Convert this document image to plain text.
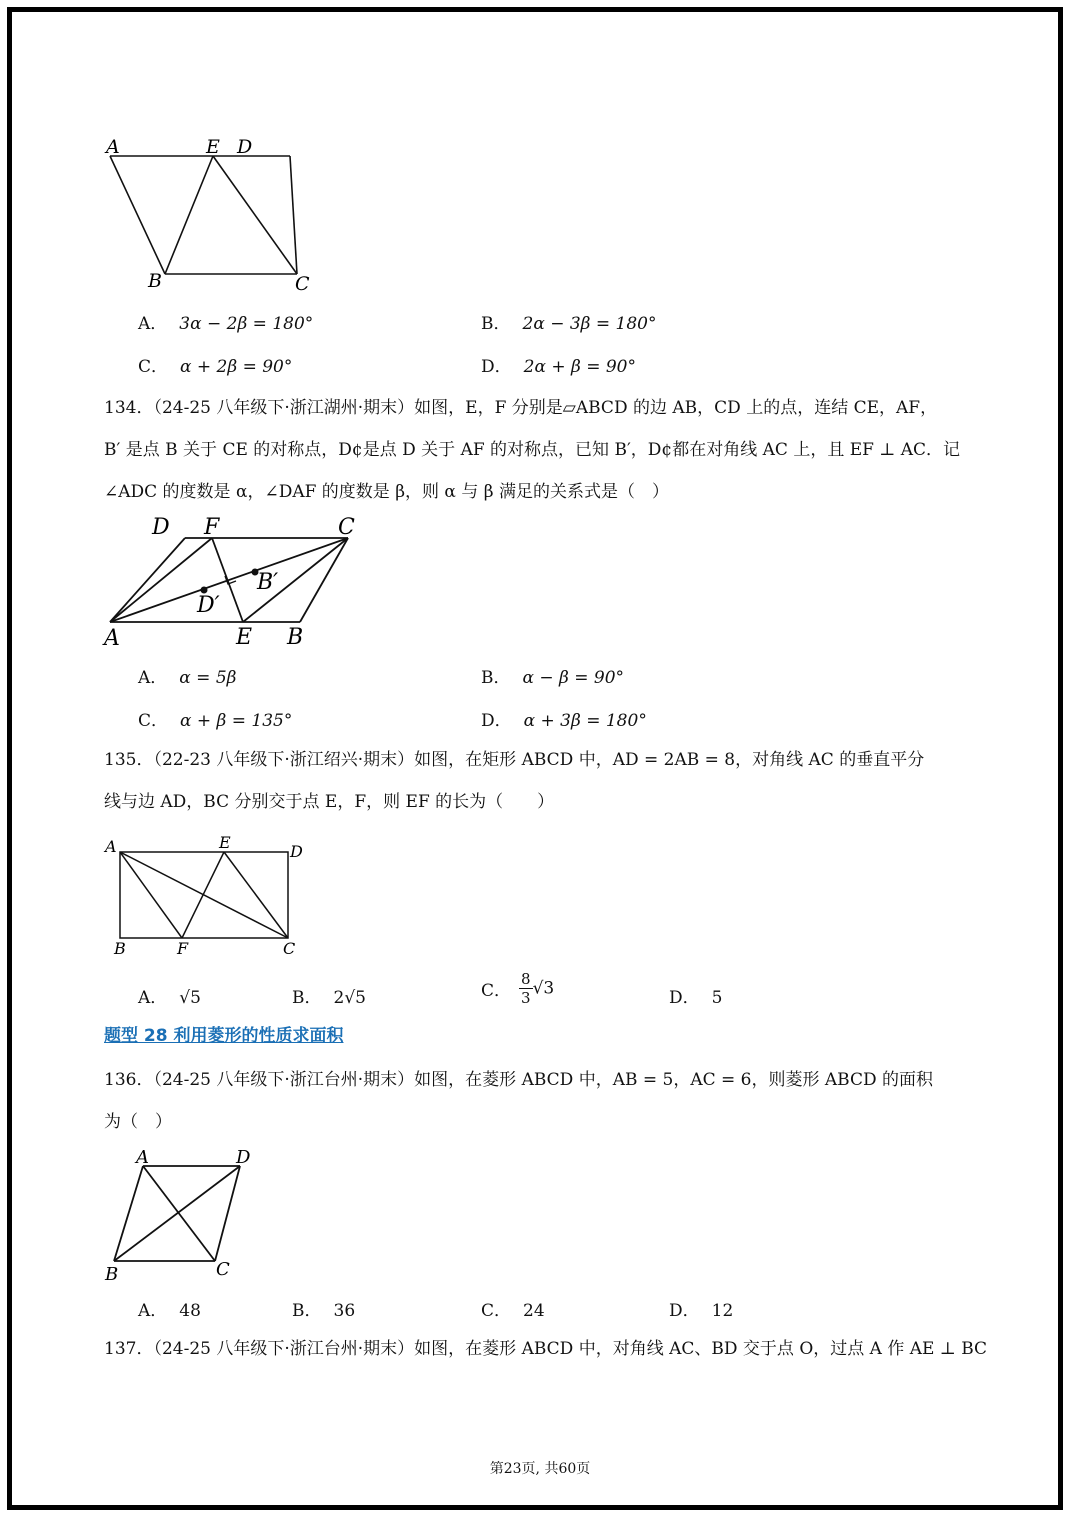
A	E D
B	C
A． 3α − 2β = 180°	B． 2α − 3β = 180°
C． α + 2β = 90°	D． 2α + β = 90°
134．（24-25 八年级下·浙江湖州·期末）如图，E，F 分别是▱ABCD 的边 AB，CD 上的点，连结 CE，AF，
B′ 是点 B 关于 CE 的对称点，D¢是点 D 关于 AF 的对称点，已知 B′，D¢都在对角线 AC 上，且 EF ⊥ AC．记
∠ADC 的度数是 α，∠DAF 的度数是 β，则 α 与 β 满足的关系式是（　）
D F	C
B′
D′
A	E B
A． α = 5β	B． α − β = 90°
C． α + β = 135°	D． α + 3β = 180°
135．（22-23 八年级下·浙江绍兴·期末）如图，在矩形 ABCD 中，AD = 2AB = 8，对角线 AC 的垂直平分
线与边 AD，BC 分别交于点 E，F，则 EF 的长为（　　）
A	E	D
B	F	C
A． √5	B． 2√5	C． $\frac{8}{3} √3$	D． 5
题型 28 利用菱形的性质求面积
136．（24-25 八年级下·浙江台州·期末）如图，在菱形 ABCD 中，AB = 5，AC = 6，则菱形 ABCD 的面积
为（　）
A	D
B	C
A． 48	B． 36	C． 24	D． 12
137．（24-25 八年级下·浙江台州·期末）如图，在菱形 ABCD 中，对角线 AC、BD 交于点 O，过点 A 作 AE ⊥ BC
第23页, 共60页
